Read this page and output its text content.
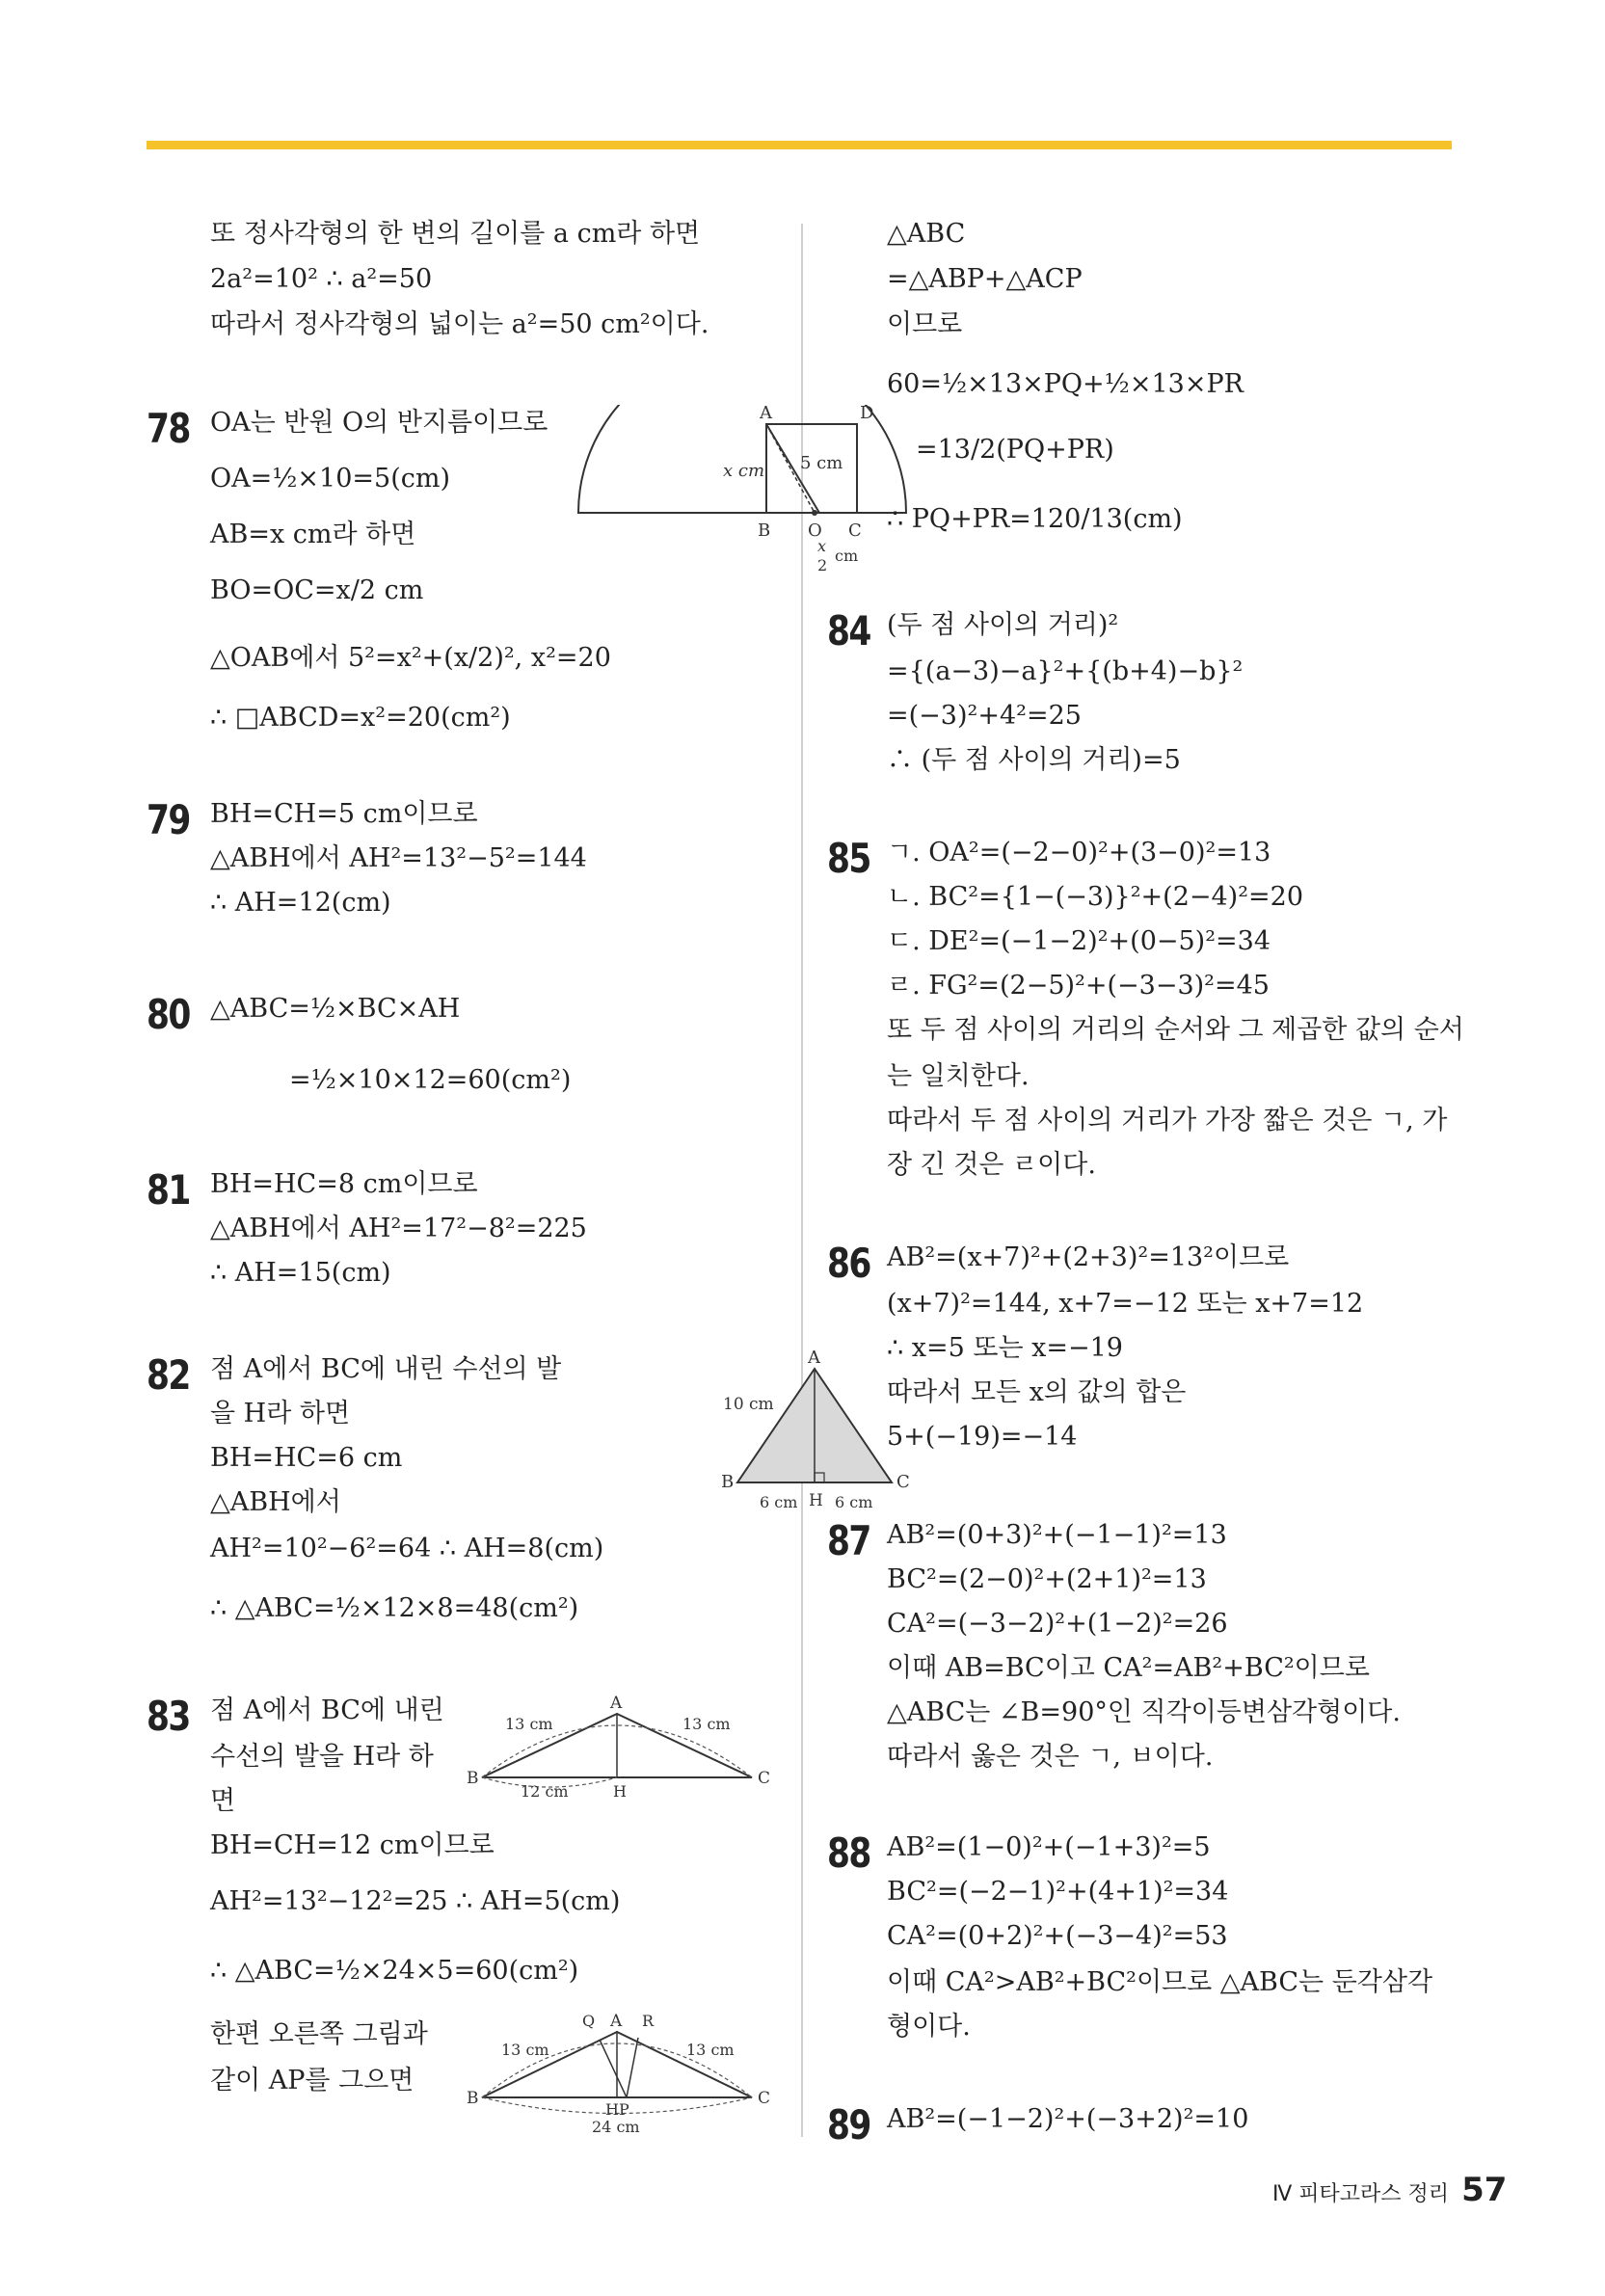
또 정사각형의 한 변의 길이를 a cm라 하면
2a²=10² ∴ a²=50
따라서 정사각형의 넓이는 a²=50 cm²이다.
78 OA는 반원 O의 반지름이므로
OA=½×10=5(cm)
AB=x cm라 하면
BO=OC=x/2 cm
△OAB에서 5²=x²+(x/2)², x²=20
∴ □ABCD=x²=20(cm²)
79 BH=CH=5 cm이므로
△ABH에서 AH²=13²−5²=144
∴ AH=12(cm)
80 △ABC=½×BC×AH
=½×10×12=60(cm²)
81 BH=HC=8 cm이므로
△ABH에서 AH²=17²−8²=225
∴ AH=15(cm)
82 점 A에서 BC에 내린 수선의 발
을 H라 하면
BH=HC=6 cm
△ABH에서
AH²=10²−6²=64 ∴ AH=8(cm)
∴ △ABC=½×12×8=48(cm²)
83 점 A에서 BC에 내린
수선의 발을 H라 하
면
BH=CH=12 cm이므로
AH²=13²−12²=25 ∴ AH=5(cm)
∴ △ABC=½×24×5=60(cm²)
한편 오른쪽 그림과
같이 AP를 그으면
A	D
B O C
x cm 5 cm
x
2
cm
A
B	C
H
10 cm
6 cm 6 cm
A
B	C
H
13 cm	13 cm
12 cm
A
Q	R
B	C
HP
13 cm	13 cm
24 cm
△ABC
=△ABP+△ACP
이므로
60=½×13×PQ+½×13×PR
=13/2(PQ+PR)
∴ PQ+PR=120/13(cm)
84 (두 점 사이의 거리)²
={(a−3)−a}²+{(b+4)−b}²
=(−3)²+4²=25
∴ (두 점 사이의 거리)=5
85 ㄱ. OA²=(−2−0)²+(3−0)²=13
ㄴ. BC²={1−(−3)}²+(2−4)²=20
ㄷ. DE²=(−1−2)²+(0−5)²=34
ㄹ. FG²=(2−5)²+(−3−3)²=45
또 두 점 사이의 거리의 순서와 그 제곱한 값의 순서
는 일치한다.
따라서 두 점 사이의 거리가 가장 짧은 것은 ㄱ, 가
장 긴 것은 ㄹ이다.
86 AB²=(x+7)²+(2+3)²=13²이므로
(x+7)²=144, x+7=−12 또는 x+7=12
∴ x=5 또는 x=−19
따라서 모든 x의 값의 합은
5+(−19)=−14
87 AB²=(0+3)²+(−1−1)²=13
BC²=(2−0)²+(2+1)²=13
CA²=(−3−2)²+(1−2)²=26
이때 AB=BC이고 CA²=AB²+BC²이므로
△ABC는 ∠B=90°인 직각이등변삼각형이다.
따라서 옳은 것은 ㄱ, ㅂ이다.
88 AB²=(1−0)²+(−1+3)²=5
BC²=(−2−1)²+(4+1)²=34
CA²=(0+2)²+(−3−4)²=53
이때 CA²>AB²+BC²이므로 △ABC는 둔각삼각
형이다.
89 AB²=(−1−2)²+(−3+2)²=10
Ⅳ 피타고라스 정리 57
